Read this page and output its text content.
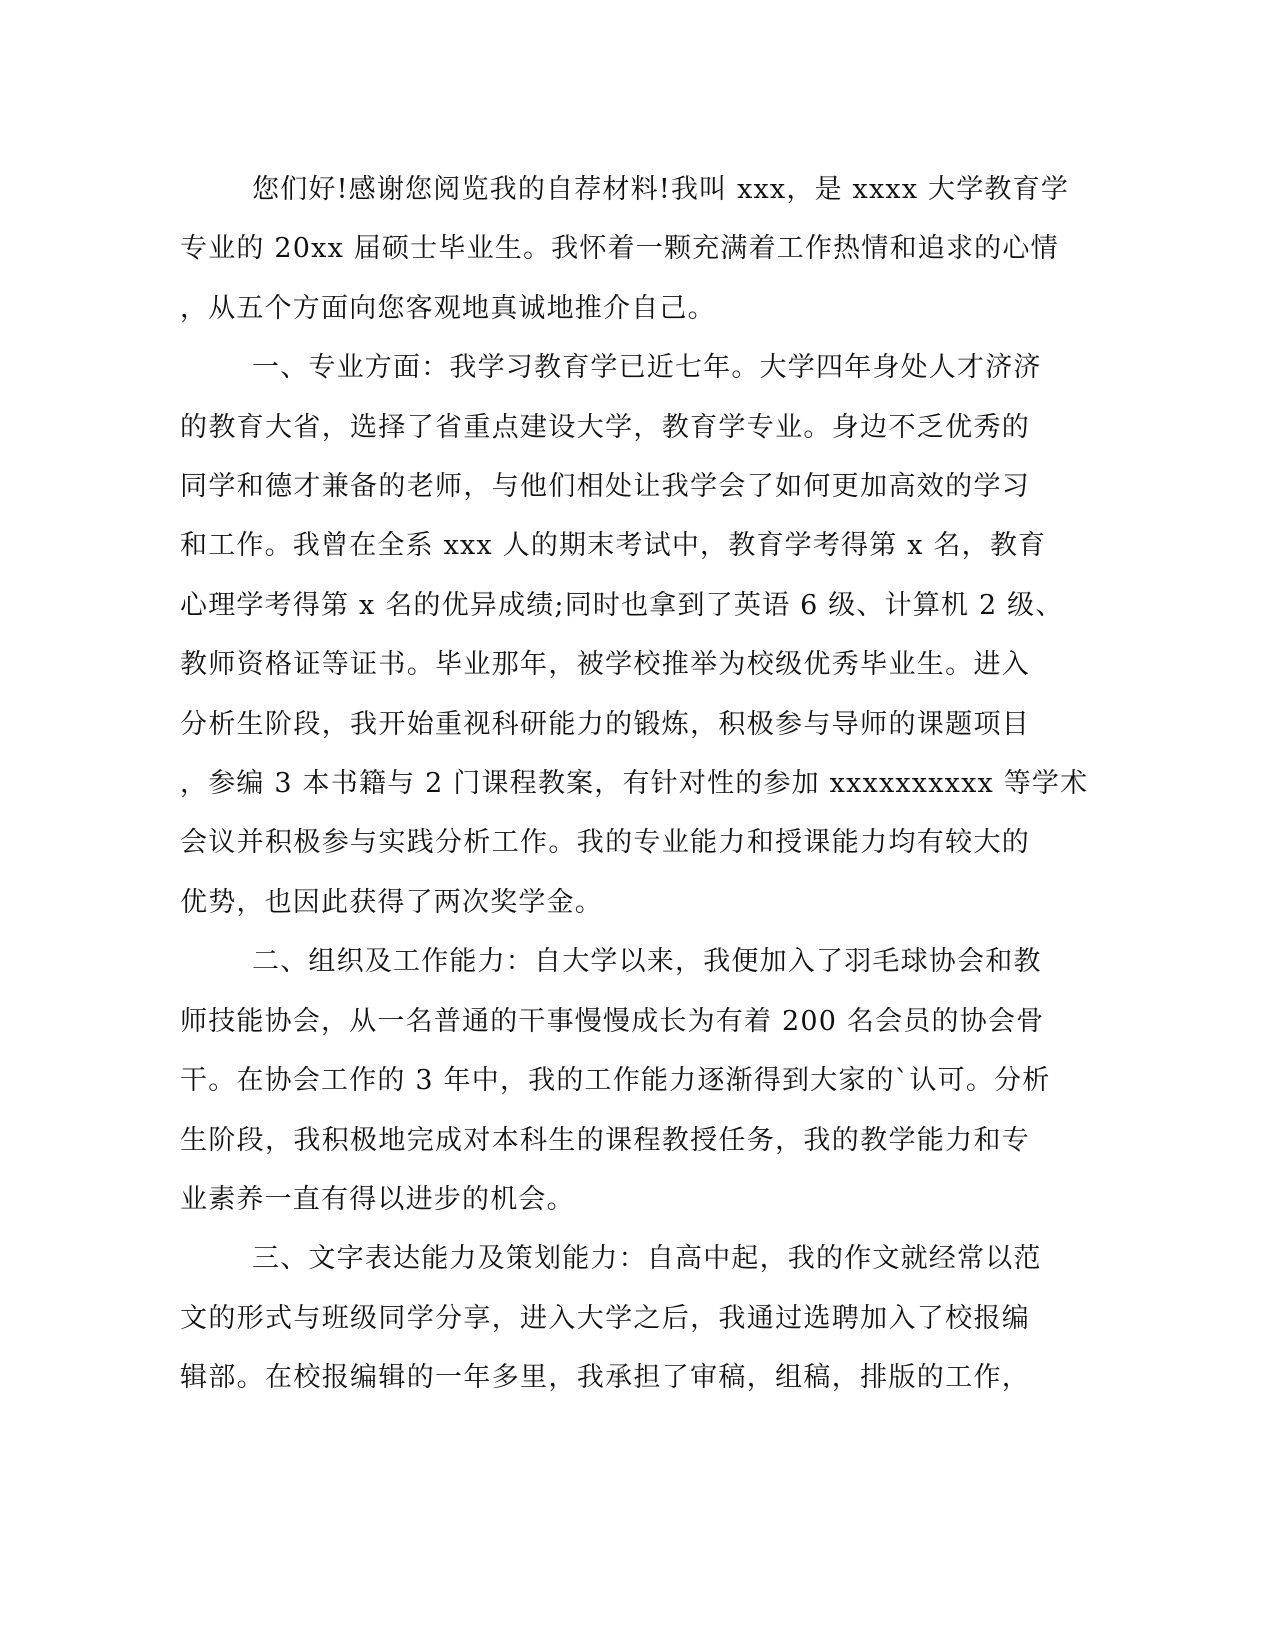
您们好!感谢您阅览我的自荐材料!我叫 xxx，是 xxxx 大学教育学
专业的 20xx 届硕士毕业生。我怀着一颗充满着工作热情和追求的心情
，从五个方面向您客观地真诚地推介自己。
一、专业方面：我学习教育学已近七年。大学四年身处人才济济
的教育大省，选择了省重点建设大学，教育学专业。身边不乏优秀的
同学和德才兼备的老师，与他们相处让我学会了如何更加高效的学习
和工作。我曾在全系 xxx 人的期末考试中，教育学考得第 x 名，教育
心理学考得第 x 名的优异成绩;同时也拿到了英语 6 级、计算机 2 级、
教师资格证等证书。毕业那年，被学校推举为校级优秀毕业生。进入
分析生阶段，我开始重视科研能力的锻炼，积极参与导师的课题项目
，参编 3 本书籍与 2 门课程教案，有针对性的参加 xxxxxxxxxx 等学术
会议并积极参与实践分析工作。我的专业能力和授课能力均有较大的
优势，也因此获得了两次奖学金。
二、组织及工作能力：自大学以来，我便加入了羽毛球协会和教
师技能协会，从一名普通的干事慢慢成长为有着 200 名会员的协会骨
干。在协会工作的 3 年中，我的工作能力逐渐得到大家的`认可。分析
生阶段，我积极地完成对本科生的课程教授任务，我的教学能力和专
业素养一直有得以进步的机会。
三、文字表达能力及策划能力：自高中起，我的作文就经常以范
文的形式与班级同学分享，进入大学之后，我通过选聘加入了校报编
辑部。在校报编辑的一年多里，我承担了审稿，组稿，排版的工作，
